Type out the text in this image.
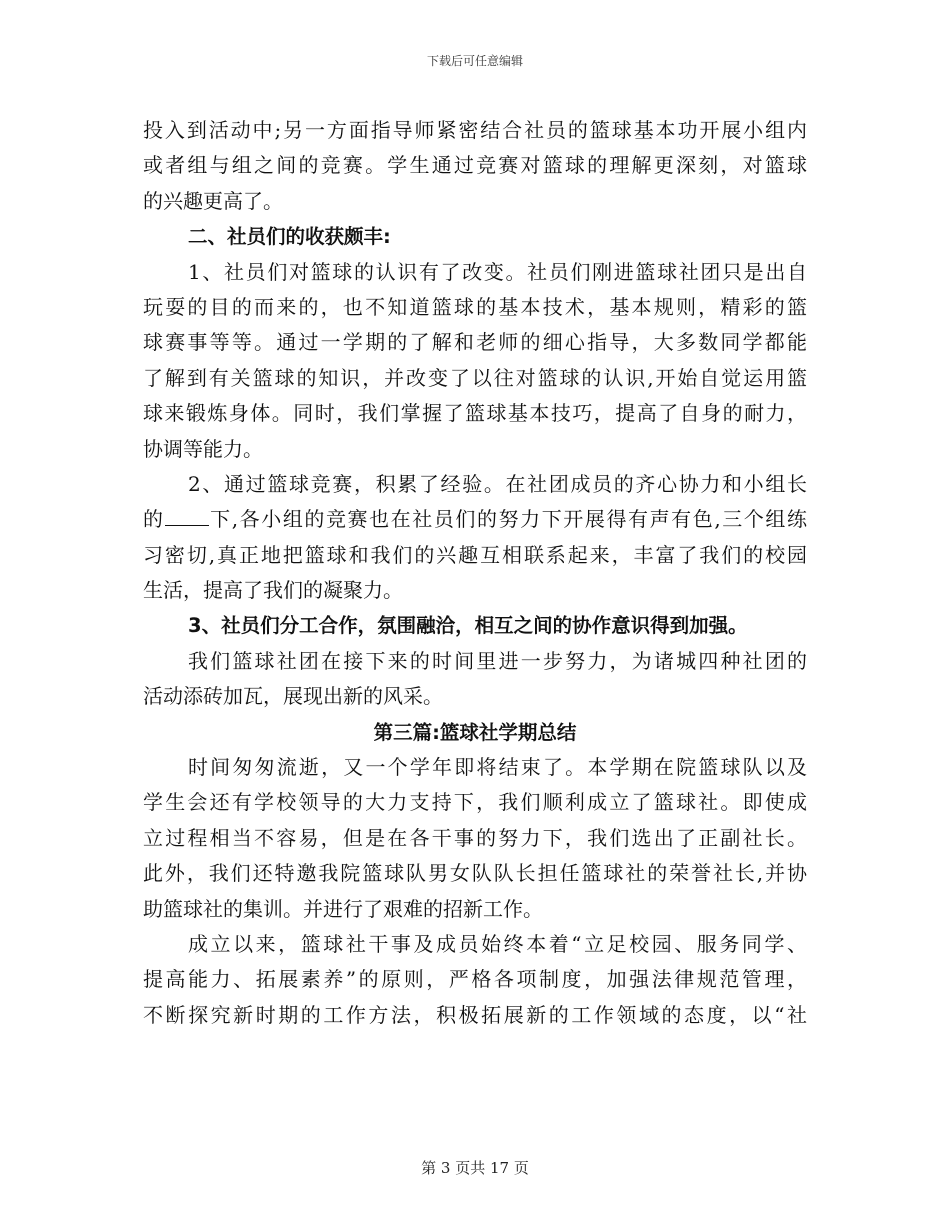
下载后可任意编辑
投入到活动中;另一方面指导师紧密结合社员的篮球基本功开展小组内
或者组与组之间的竞赛。学生通过竞赛对篮球的理解更深刻，对篮球
的兴趣更高了。
二、社员们的收获颇丰:
1、社员们对篮球的认识有了改变。社员们刚进篮球社团只是出自
玩耍的目的而来的，也不知道篮球的基本技术，基本规则，精彩的篮
球赛事等等。通过一学期的了解和老师的细心指导，大多数同学都能
了解到有关篮球的知识，并改变了以往对篮球的认识,开始自觉运用篮
球来锻炼身体。同时，我们掌握了篮球基本技巧，提高了自身的耐力，
协调等能力。
2、通过篮球竞赛，积累了经验。在社团成员的齐心协力和小组长
的 下,各小组的竞赛也在社员们的努力下开展得有声有色,三个组练
习密切,真正地把篮球和我们的兴趣互相联系起来，丰富了我们的校园
生活，提高了我们的凝聚力。
3、社员们分工合作，氛围融洽，相互之间的协作意识得到加强。
我们篮球社团在接下来的时间里进一步努力，为诸城四种社团的
活动添砖加瓦，展现出新的风采。
第三篇:篮球社学期总结
时间匆匆流逝，又一个学年即将结束了。本学期在院篮球队以及
学生会还有学校领导的大力支持下，我们顺利成立了篮球社。即使成
立过程相当不容易，但是在各干事的努力下，我们选出了正副社长。
此外，我们还特邀我院篮球队男女队队长担任篮球社的荣誉社长,并协
助篮球社的集训。并进行了艰难的招新工作。
成立以来，篮球社干事及成员始终本着“立足校园、服务同学、
提高能力、拓展素养”的原则，严格各项制度，加强法律规范管理，
不断探究新时期的工作方法，积极拓展新的工作领域的态度，以“社
第 3 页共 17 页
